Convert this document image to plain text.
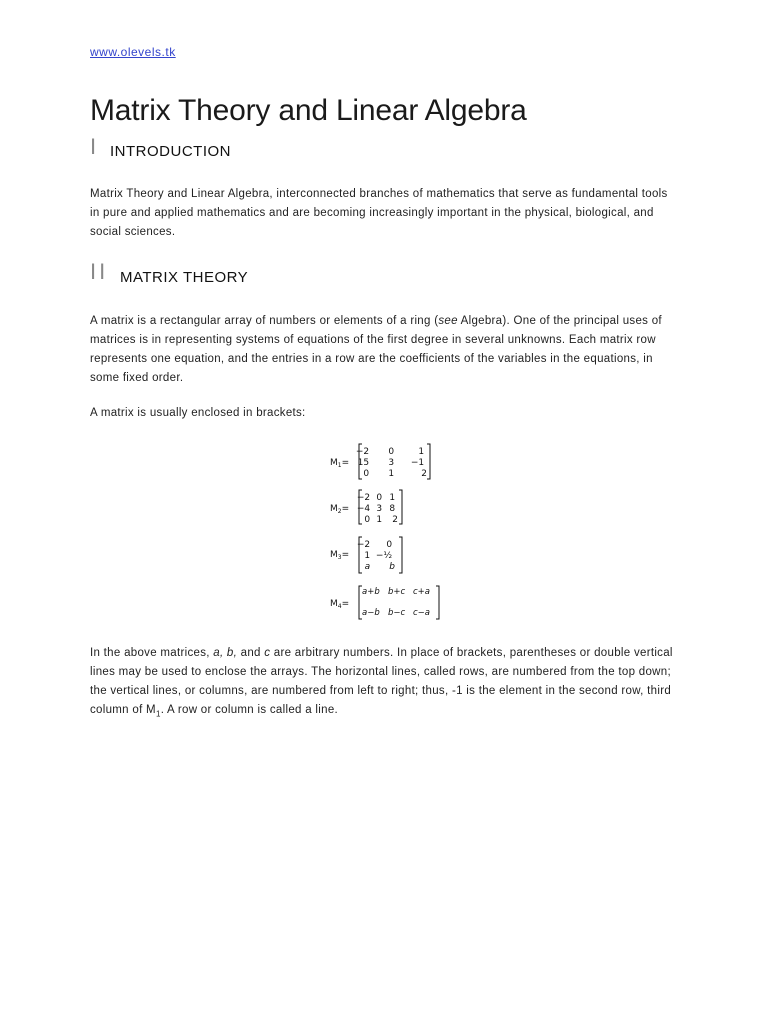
www.olevels.tk
Matrix Theory and Linear Algebra
I INTRODUCTION

Matrix Theory and Linear Algebra, interconnected branches of mathematics that serve as fundamental tools in pure and applied mathematics and are becoming increasingly important in the physical, biological, and social sciences.

II MATRIX THEORY

A matrix is a rectangular array of numbers or elements of a ring (see Algebra). One of the principal uses of matrices is in representing systems of equations of the first degree in several unknowns. Each matrix row represents one equation, and the entries in a row are the coefficients of the variables in the equations, in some fixed order.

A matrix is usually enclosed in brackets:

$M_1=$
−2 0	1 15 3 −1 0 1	2
$M_2=$
−2 0 1 −4 3 8 0 1 2
$M_3=$
−2 0 1 −½ a b
$M_4=$
a+b b+c c+a a−b b−c c−a

In the above matrices, a, b, and c are arbitrary numbers. In place of brackets, parentheses or double vertical lines may be used to enclose the arrays. The horizontal lines, called rows, are numbered from the top down; the vertical lines, or columns, are numbered from left to right; thus, -1 is the element in the second row, third column of $M_1$. A row or column is called a line.
